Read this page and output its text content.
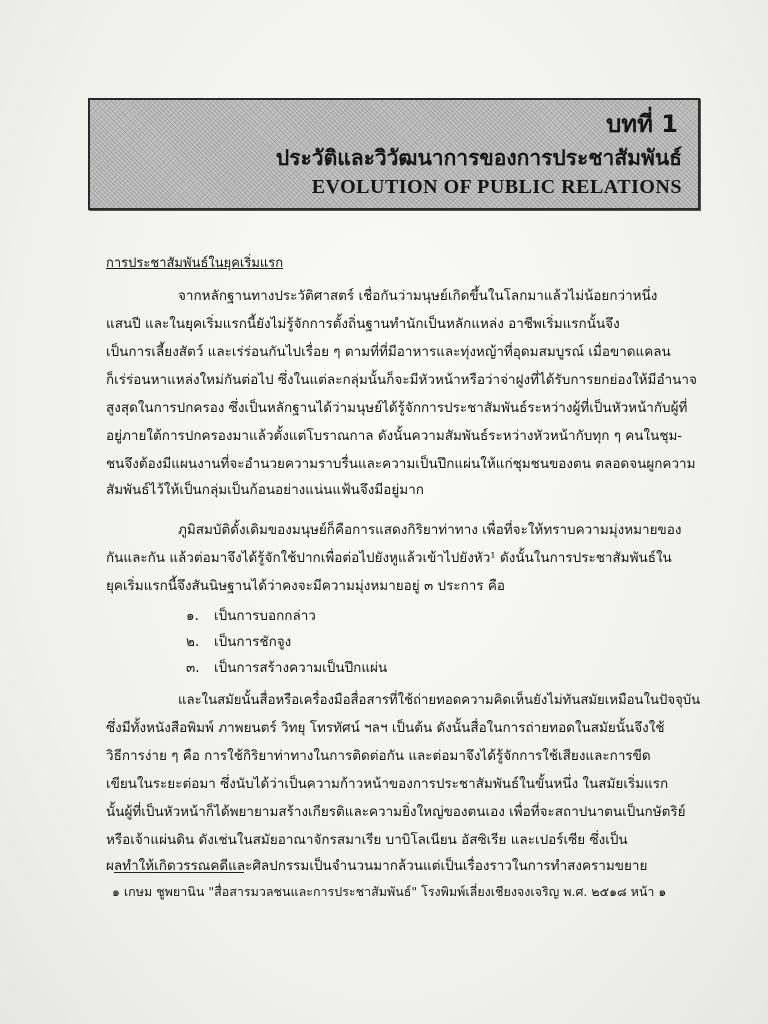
บทที่ 1
ประวัติและวิวัฒนาการของการประชาสัมพันธ์
EVOLUTION OF PUBLIC RELATIONS
การประชาสัมพันธ์ในยุคเริ่มแรก
จากหลักฐานทางประวัติศาสตร์ เชื่อกันว่ามนุษย์เกิดขึ้นในโลกมาแล้วไม่น้อยกว่าหนึ่ง
แสนปี และในยุคเริ่มแรกนี้ยังไม่รู้จักการตั้งถิ่นฐานทำนักเป็นหลักแหล่ง อาชีพเริ่มแรกนั้นจึง
เป็นการเลี้ยงสัตว์ และเร่ร่อนกันไปเรื่อย ๆ ตามที่ที่มีอาหารและทุ่งหญ้าที่อุดมสมบูรณ์ เมื่อขาดแคลน
ก็เร่ร่อนหาแหล่งใหม่กันต่อไป ซึ่งในแต่ละกลุ่มนั้นก็จะมีหัวหน้าหรือว่าจ่าฝูงที่ได้รับการยกย่องให้มีอำนาจ
สูงสุดในการปกครอง ซึ่งเป็นหลักฐานได้ว่ามนุษย์ได้รู้จักการประชาสัมพันธ์ระหว่างผู้ที่เป็นหัวหน้ากับผู้ที่
อยู่ภายใต้การปกครองมาแล้วตั้งแต่โบราณกาล ดังนั้นความสัมพันธ์ระหว่างหัวหน้ากับทุก ๆ คนในชุม-
ชนจึงต้องมีแผนงานที่จะอำนวยความราบรื่นและความเป็นปึกแผ่นให้แก่ชุมชนของตน ตลอดจนผูกความ
สัมพันธ์ไว้ให้เป็นกลุ่มเป็นก้อนอย่างแน่นแฟ้นจึงมีอยู่มาก
ภูมิสมบัติดั้งเดิมของมนุษย์ก็คือการแสดงกิริยาท่าทาง เพื่อที่จะให้ทราบความมุ่งหมายของ
กันและกัน แล้วต่อมาจึงได้รู้จักใช้ปากเพื่อต่อไปยังหูแล้วเข้าไปยังหัว¹ ดังนั้นในการประชาสัมพันธ์ใน
ยุคเริ่มแรกนี้จึงสันนิษฐานได้ว่าคงจะมีความมุ่งหมายอยู่ ๓ ประการ คือ
๑. เป็นการบอกกล่าว
๒. เป็นการชักจูง
๓. เป็นการสร้างความเป็นปึกแผ่น
และในสมัยนั้นสื่อหรือเครื่องมือสื่อสารที่ใช้ถ่ายทอดความคิดเห็นยังไม่ทันสมัยเหมือนในปัจจุบัน
ซึ่งมีทั้งหนังสือพิมพ์ ภาพยนตร์ วิทยุ โทรทัศน์ ฯลฯ เป็นต้น ดังนั้นสื่อในการถ่ายทอดในสมัยนั้นจึงใช้
วิธีการง่าย ๆ คือ การใช้กิริยาท่าทางในการติดต่อกัน และต่อมาจึงได้รู้จักการใช้เสียงและการขีด
เขียนในระยะต่อมา ซึ่งนับได้ว่าเป็นความก้าวหน้าของการประชาสัมพันธ์ในขั้นหนึ่ง ในสมัยเริ่มแรก
นั้นผู้ที่เป็นหัวหน้าก็ได้พยายามสร้างเกียรติและความยิ่งใหญ่ของตนเอง เพื่อที่จะสถาปนาตนเป็นกษัตริย์
หรือเจ้าแผ่นดิน ดังเช่นในสมัยอาณาจักรสมาเรีย บาบิโลเนียน อัสซิเรีย และเปอร์เซีย ซึ่งเป็น
ผลทำให้เกิดวรรณคดีและศิลปกรรมเป็นจำนวนมากล้วนแต่เป็นเรื่องราวในการทำสงครามขยาย
๑ เกษม ชูพยานิน "สื่อสารมวลชนและการประชาสัมพันธ์" โรงพิมพ์เลี่ยงเชียงจงเจริญ พ.ศ. ๒๕๑๘ หน้า ๑
